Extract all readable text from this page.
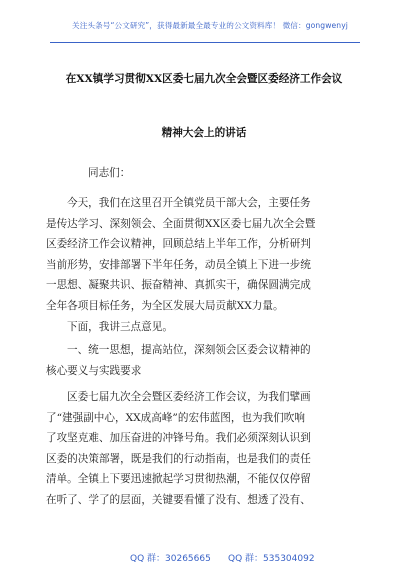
关注头条号“公文研究”，获得最新最全最专业的公文资料库！ 微信：gongwenyj
在XX镇学习贯彻XX区委七届九次全会暨区委经济工作会议
精神大会上的讲话
同志们：
今天，我们在这里召开全镇党员干部大会，主要任务
是传达学习、深刻领会、全面贯彻XX区委七届九次全会暨
区委经济工作会议精神，回顾总结上半年工作，分析研判
当前形势，安排部署下半年任务，动员全镇上下进一步统
一思想、凝聚共识、振奋精神、真抓实干，确保圆满完成
全年各项目标任务，为全区发展大局贡献XX力量。
下面，我讲三点意见。
一、统一思想，提高站位，深刻领会区委会议精神的
核心要义与实践要求
区委七届九次全会暨区委经济工作会议，为我们擘画
了“建强副中心，XX成高峰”的宏伟蓝图，也为我们吹响
了攻坚克难、加压奋进的冲锋号角。我们必须深刻认识到
区委的决策部署，既是我们的行动指南，也是我们的责任
清单。全镇上下要迅速掀起学习贯彻热潮，不能仅仅停留
在听了、学了的层面，关键要看懂了没有、想透了没有、
QQ 群：30265665 QQ 群：535304092
